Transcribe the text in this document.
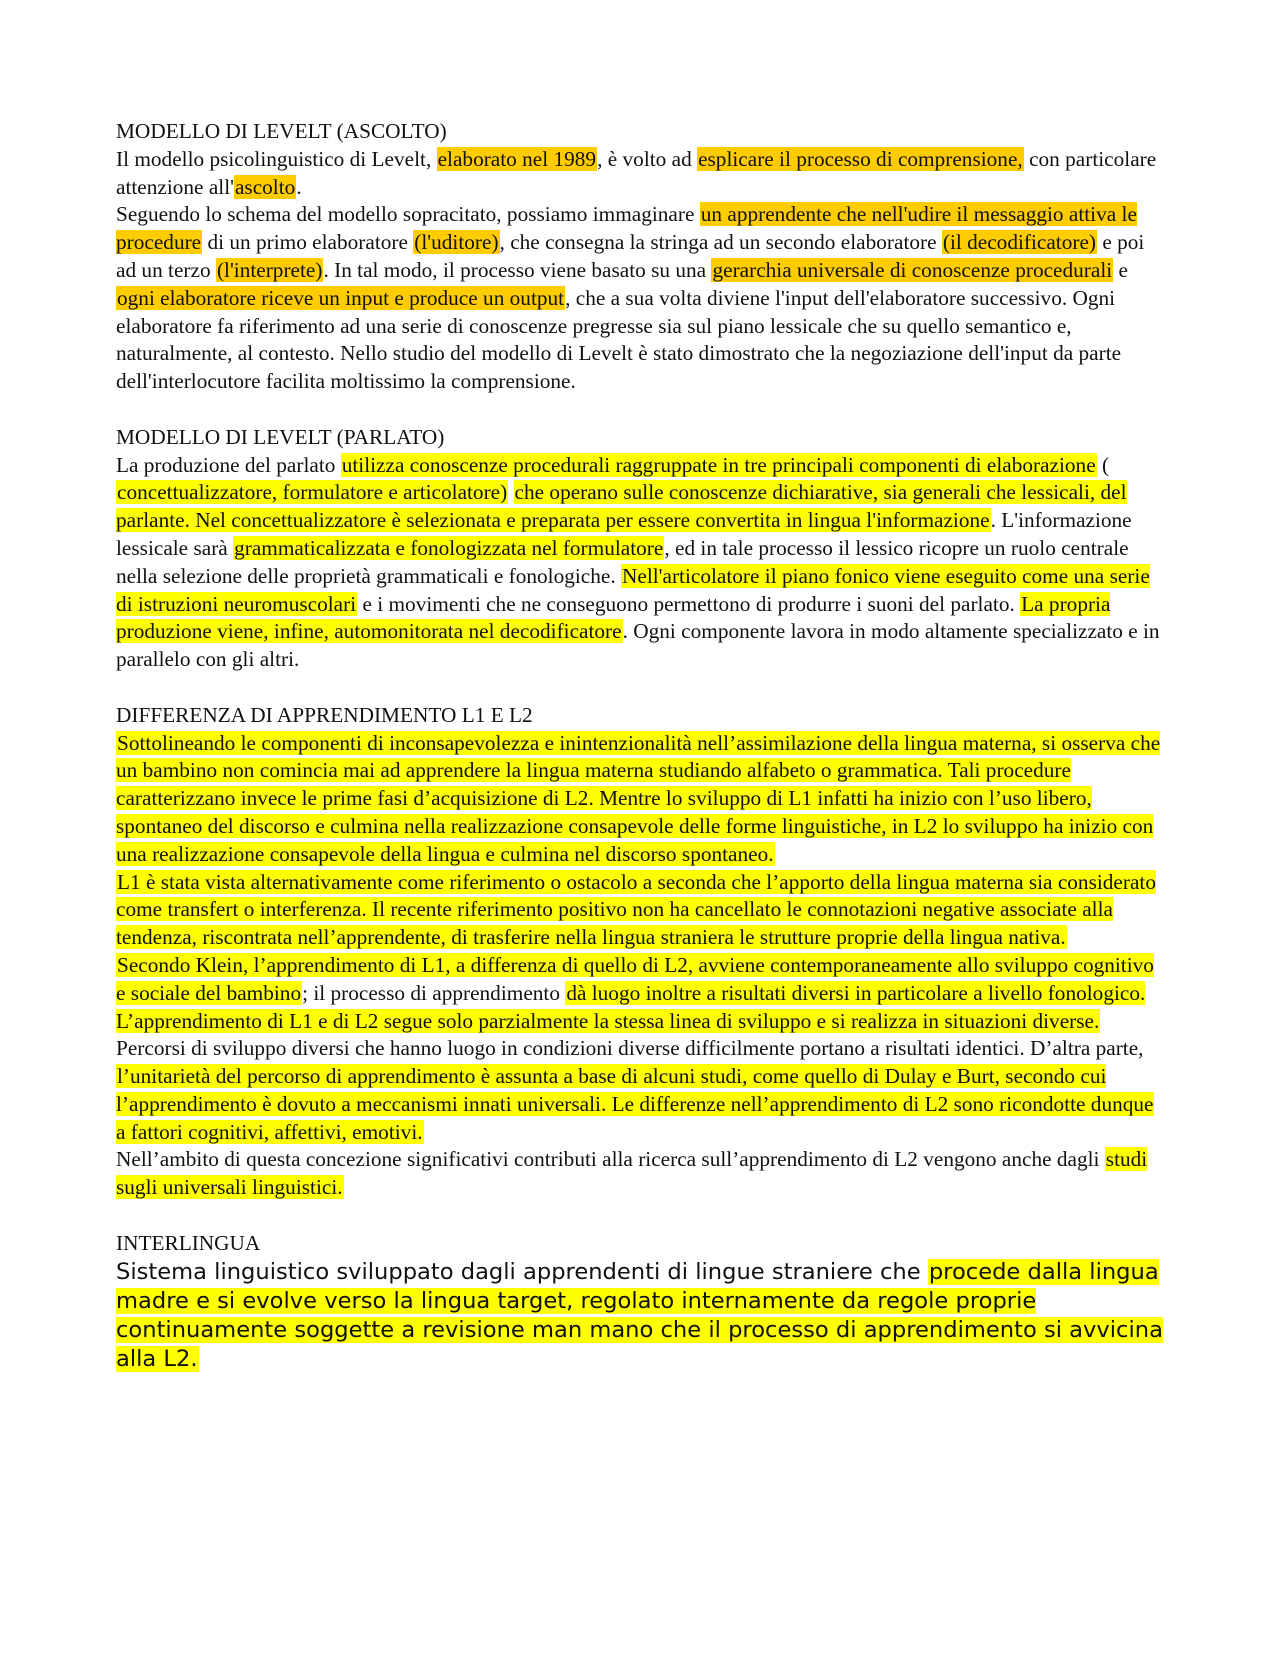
MODELLO DI LEVELT (ASCOLTO)

Il modello psicolinguistico di Levelt, elaborato nel 1989, è volto ad esplicare il processo di comprensione, con particolare attenzione all'ascolto.

Seguendo lo schema del modello sopracitato, possiamo immaginare un apprendente che nell'udire il messaggio attiva le procedure di un primo elaboratore (l'uditore), che consegna la stringa ad un secondo elaboratore (il decodificatore) e poi ad un terzo (l'interprete). In tal modo, il processo viene basato su una gerarchia universale di conoscenze procedurali e ogni elaboratore riceve un input e produce un output, che a sua volta diviene l'input dell'elaboratore successivo. Ogni elaboratore fa riferimento ad una serie di conoscenze pregresse sia sul piano lessicale che su quello semantico e, naturalmente, al contesto. Nello studio del modello di Levelt è stato dimostrato che la negoziazione dell'input da parte dell'interlocutore facilita moltissimo la comprensione.

MODELLO DI LEVELT (PARLATO)

La produzione del parlato utilizza conoscenze procedurali raggruppate in tre principali componenti di elaborazione ( concettualizzatore, formulatore e articolatore) che operano sulle conoscenze dichiarative, sia generali che lessicali, del parlante. Nel concettualizzatore è selezionata e preparata per essere convertita in lingua l'informazione. L'informazione lessicale sarà grammaticalizzata e fonologizzata nel formulatore, ed in tale processo il lessico ricopre un ruolo centrale nella selezione delle proprietà grammaticali e fonologiche. Nell'articolatore il piano fonico viene eseguito come una serie di istruzioni neuromuscolari e i movimenti che ne conseguono permettono di produrre i suoni del parlato. La propria produzione viene, infine, automonitorata nel decodificatore. Ogni componente lavora in modo altamente specializzato e in parallelo con gli altri.

DIFFERENZA DI APPRENDIMENTO L1 E L2

Sottolineando le componenti di inconsapevolezza e inintenzionalità nell’assimilazione della lingua materna, si osserva che un bambino non comincia mai ad apprendere la lingua materna studiando alfabeto o grammatica. Tali procedure caratterizzano invece le prime fasi d’acquisizione di L2. Mentre lo sviluppo di L1 infatti ha inizio con l’uso libero, spontaneo del discorso e culmina nella realizzazione consapevole delle forme linguistiche, in L2 lo sviluppo ha inizio con una realizzazione consapevole della lingua e culmina nel discorso spontaneo.

L1 è stata vista alternativamente come riferimento o ostacolo a seconda che l’apporto della lingua materna sia considerato come transfert o interferenza. Il recente riferimento positivo non ha cancellato le connotazioni negative associate alla tendenza, riscontrata nell’apprendente, di trasferire nella lingua straniera le strutture proprie della lingua nativa.

Secondo Klein, l’apprendimento di L1, a differenza di quello di L2, avviene contemporaneamente allo sviluppo cognitivo e sociale del bambino; il processo di apprendimento dà luogo inoltre a risultati diversi in particolare a livello fonologico. L’apprendimento di L1 e di L2 segue solo parzialmente la stessa linea di sviluppo e si realizza in situazioni diverse.

Percorsi di sviluppo diversi che hanno luogo in condizioni diverse difficilmente portano a risultati identici. D’altra parte, l’unitarietà del percorso di apprendimento è assunta a base di alcuni studi, come quello di Dulay e Burt, secondo cui l’apprendimento è dovuto a meccanismi innati universali. Le differenze nell’apprendimento di L2 sono ricondotte dunque a fattori cognitivi, affettivi, emotivi.

Nell’ambito di questa concezione significativi contributi alla ricerca sull’apprendimento di L2 vengono anche dagli studi sugli universali linguistici.

INTERLINGUA

Sistema linguistico sviluppato dagli apprendenti di lingue straniere che procede dalla lingua madre e si evolve verso la lingua target, regolato internamente da regole proprie continuamente soggette a revisione man mano che il processo di apprendimento si avvicina alla L2.
